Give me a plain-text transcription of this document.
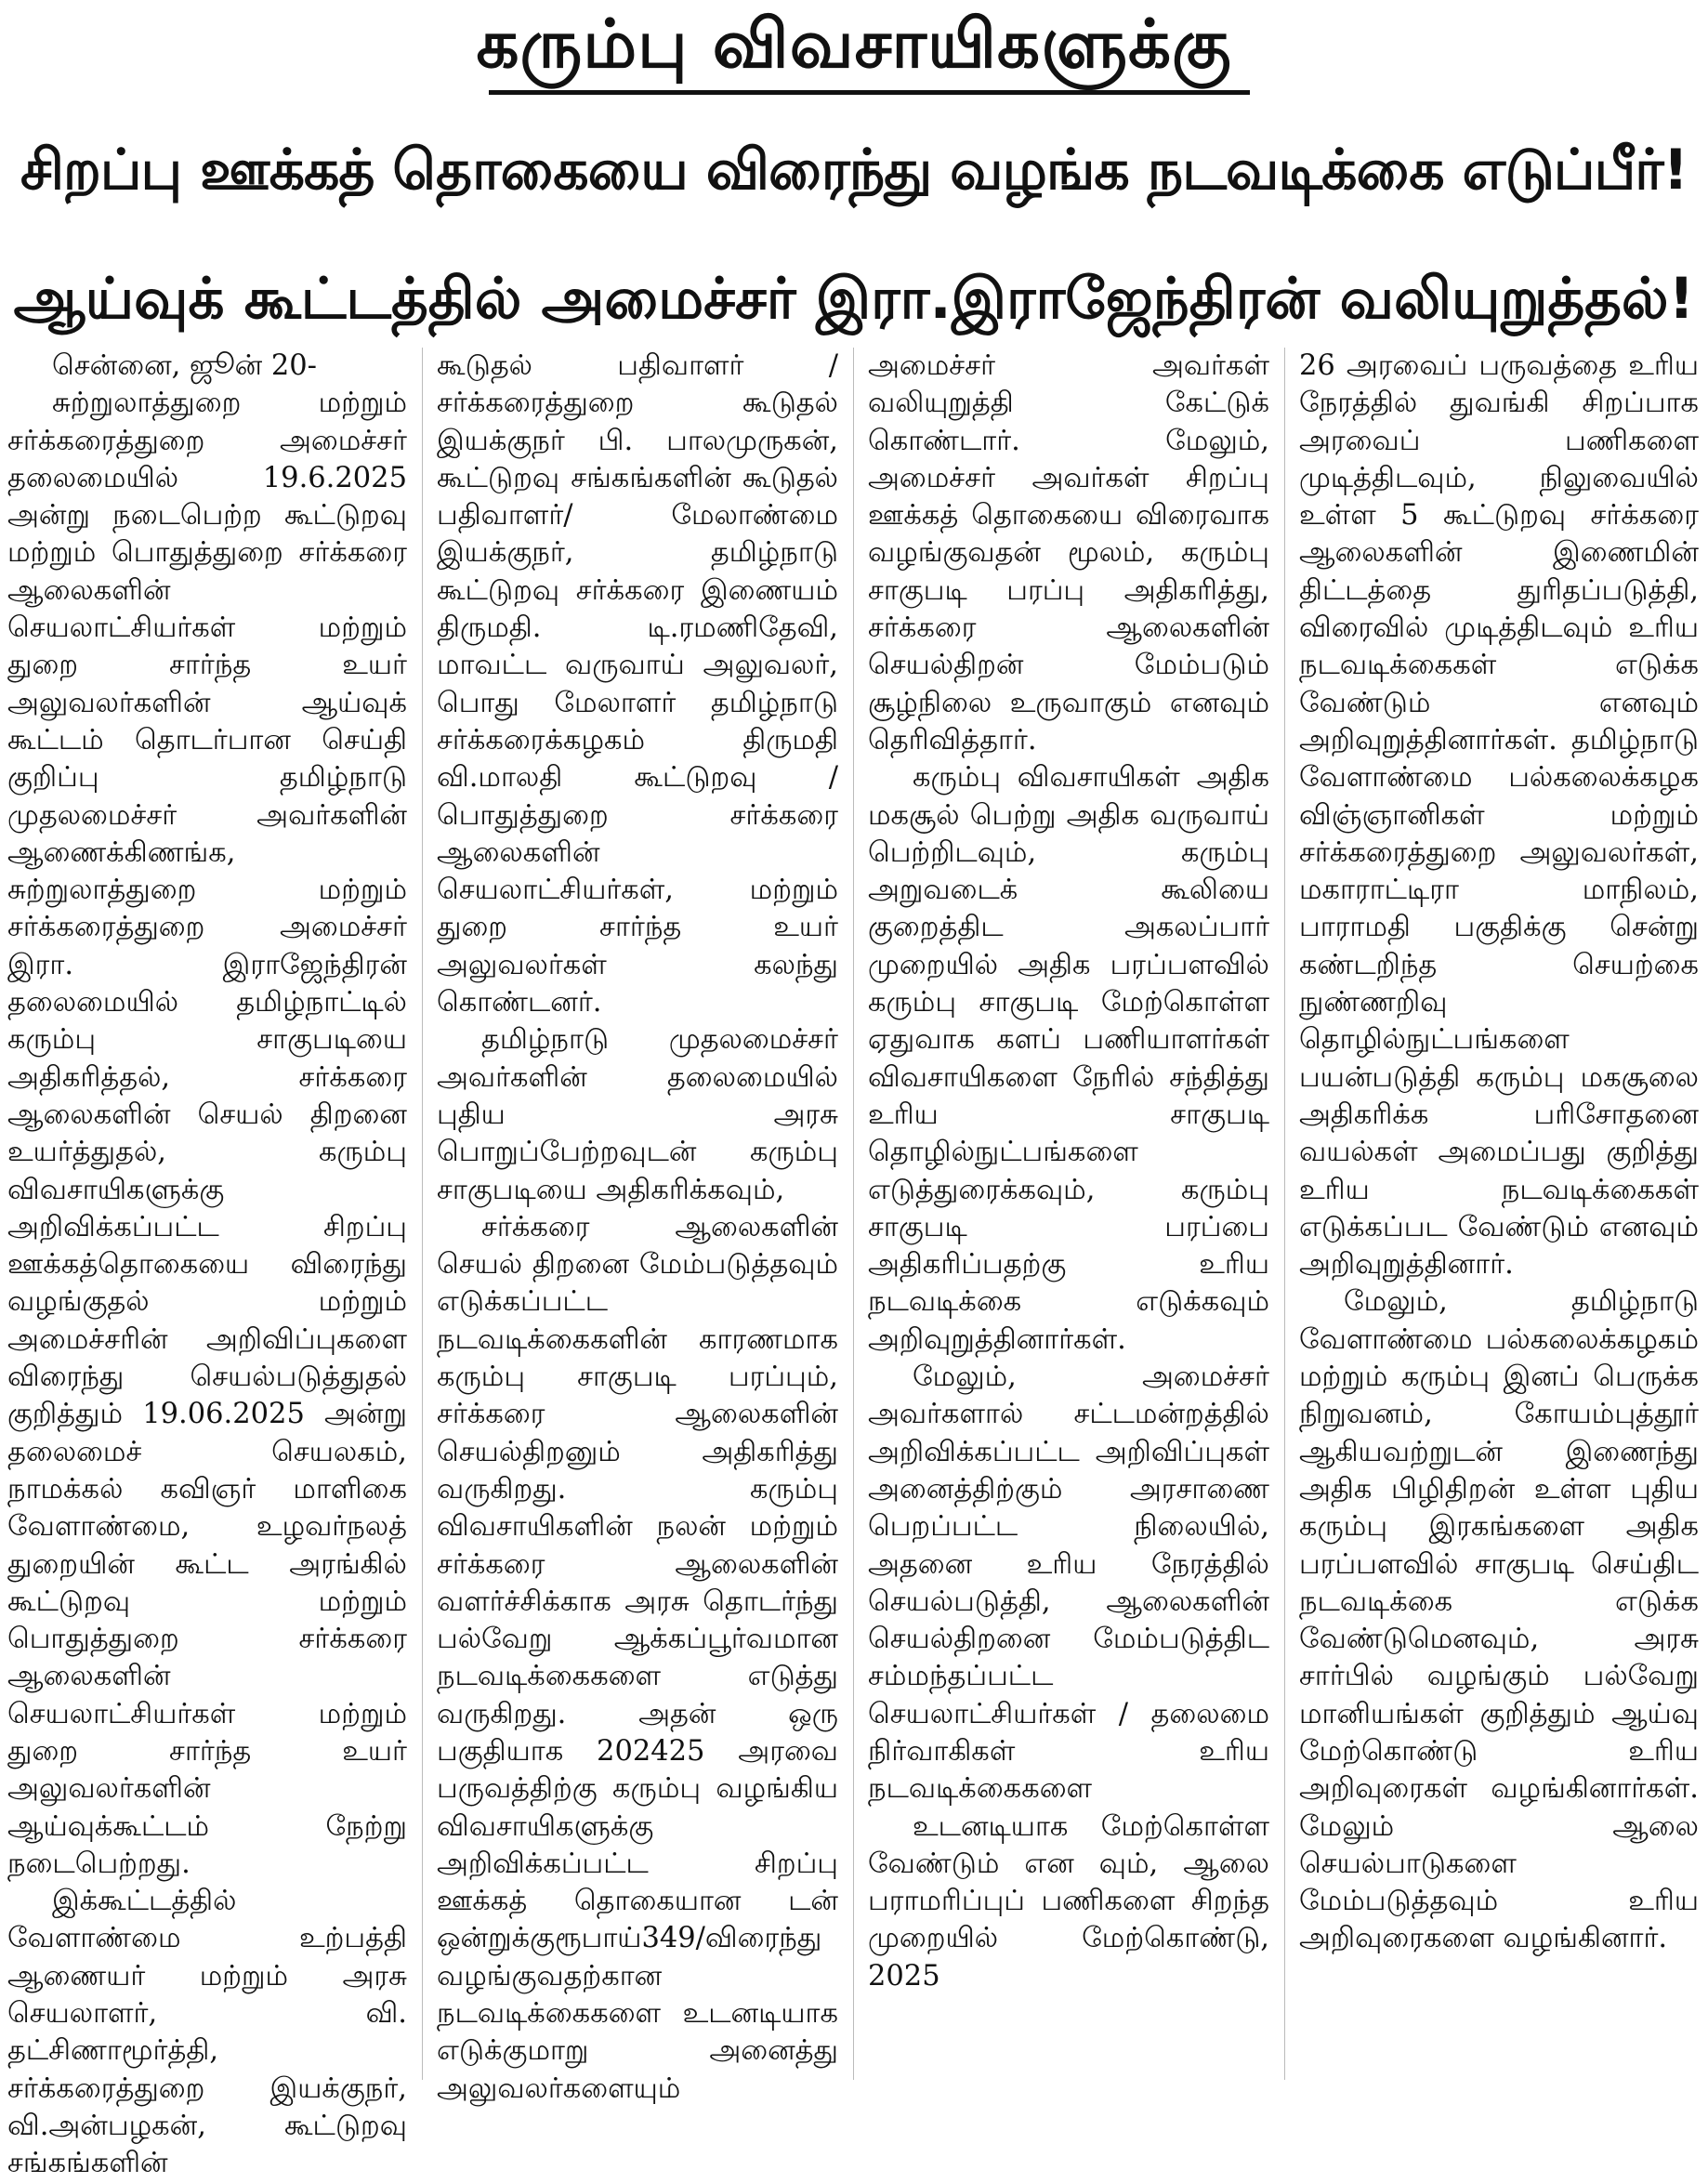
கரும்பு விவசாயிகளுக்கு
சிறப்பு ஊக்கத் தொகையை விரைந்து வழங்க நடவடிக்கை எடுப்பீர்!
ஆய்வுக் கூட்டத்தில் அமைச்சர் இரா.இராஜேந்திரன் வலியுறுத்தல்!

சென்னை, ஜூன் 20-

சுற்றுலாத்துறை மற்றும் சர்க்கரைத்துறை அமைச்சர் தலைமையில் 19.6.2025 அன்று நடைபெற்ற கூட்டுறவு மற்றும் பொதுத்துறை சர்க்கரை ஆலைகளின் செயலாட்சியர்கள் மற்றும் துறை சார்ந்த உயர் அலுவலர்களின் ஆய்வுக் கூட்டம் தொடர்பான செய்தி குறிப்பு தமிழ்நாடு முதலமைச்சர் அவர்களின் ஆணைக்கிணங்க, சுற்றுலாத்துறை மற்றும் சர்க்கரைத்துறை அமைச்சர் இரா. இராஜேந்திரன் தலைமையில் தமிழ்நாட்டில் கரும்பு சாகுபடியை அதிகரித்தல், சர்க்கரை ஆலைகளின் செயல் திறனை உயர்த்துதல், கரும்பு விவசாயிகளுக்கு அறிவிக்கப்பட்ட சிறப்பு ஊக்கத்தொகையை விரைந்து வழங்குதல் மற்றும் அமைச்சரின் அறிவிப்புகளை விரைந்து செயல்படுத்துதல் குறித்தும் 19.06.2025 அன்று தலைமைச் செயலகம், நாமக்கல் கவிஞர் மாளிகை வேளாண்மை, உழவர்நலத் துறையின் கூட்ட அரங்கில் கூட்டுறவு மற்றும் பொதுத்துறை சர்க்கரை ஆலைகளின் செயலாட்சியர்கள் மற்றும் துறை சார்ந்த உயர் அலுவலர்களின் ஆய்வுக்கூட்டம் நேற்று நடைபெற்றது.

இக்கூட்டத்தில் வேளாண்மை உற்பத்தி ஆணையர் மற்றும் அரசு செயலாளர், வி. தட்சிணாமூர்த்தி, சர்க்கரைத்துறை இயக்குநர், வி.அன்பழகன், கூட்டுறவு சங்கங்களின்

கூடுதல் பதிவாளர் / சர்க்கரைத்துறை கூடுதல் இயக்குநர் பி. பாலமுருகன், கூட்டுறவு சங்கங்களின் கூடுதல் பதிவாளர்/ மேலாண்மை இயக்குநர், தமிழ்நாடு கூட்டுறவு சர்க்கரை இணையம் திருமதி. டி.ரமணிதேவி, மாவட்ட வருவாய் அலுவலர், பொது மேலாளர் தமிழ்நாடு சர்க்கரைக்கழகம் திருமதி வி.மாலதி கூட்டுறவு /பொதுத்துறை சர்க்கரை ஆலைகளின் செயலாட்சியர்கள், மற்றும் துறை சார்ந்த உயர் அலுவலர்கள் கலந்து கொண்டனர்.

தமிழ்நாடு முதலமைச்சர் அவர்களின் தலைமையில் புதிய அரசு பொறுப்பேற்றவுடன் கரும்பு சாகுபடியை அதிகரிக்கவும்,

சர்க்கரை ஆலைகளின் செயல் திறனை மேம்படுத்தவும் எடுக்கப்பட்ட நடவடிக்கைகளின் காரணமாக கரும்பு சாகுபடி பரப்பும், சர்க்கரை ஆலைகளின் செயல்திறனும் அதிகரித்து வருகிறது. கரும்பு விவசாயிகளின் நலன் மற்றும் சர்க்கரை ஆலைகளின் வளர்ச்சிக்காக அரசு தொடர்ந்து பல்வேறு ஆக்கப்பூர்வமான நடவடிக்கைகளை எடுத்து வருகிறது. அதன் ஒரு பகுதியாக 202425 அரவை பருவத்திற்கு கரும்பு வழங்கிய விவசாயிகளுக்கு அறிவிக்கப்பட்ட சிறப்பு ஊக்கத் தொகையான டன் ஒன்றுக்குரூபாய்349/விரைந்து வழங்குவதற்கான நடவடிக்கைகளை உடனடியாக எடுக்குமாறு அனைத்து அலுவலர்களையும்

அமைச்சர் அவர்கள் வலியுறுத்தி கேட்டுக் கொண்டார். மேலும், அமைச்சர் அவர்கள் சிறப்பு ஊக்கத் தொகையை விரைவாக வழங்குவதன் மூலம், கரும்பு சாகுபடி பரப்பு அதிகரித்து, சர்க்கரை ஆலைகளின் செயல்திறன் மேம்படும் சூழ்நிலை உருவாகும் எனவும் தெரிவித்தார்.

கரும்பு விவசாயிகள் அதிக மகசூல் பெற்று அதிக வருவாய் பெற்றிடவும், கரும்பு அறுவடைக் கூலியை குறைத்திட அகலப்பார் முறையில் அதிக பரப்பளவில் கரும்பு சாகுபடி மேற்கொள்ள ஏதுவாக களப் பணியாளர்கள் விவசாயிகளை நேரில் சந்தித்து உரிய சாகுபடி தொழில்நுட்பங்களை எடுத்துரைக்கவும், கரும்பு சாகுபடி பரப்பை அதிகரிப்பதற்கு உரிய நடவடிக்கை எடுக்கவும் அறிவுறுத்தினார்கள்.

மேலும், அமைச்சர் அவர்களால் சட்டமன்றத்தில் அறிவிக்கப்பட்ட அறிவிப்புகள் அனைத்திற்கும் அரசாணை பெறப்பட்ட நிலையில், அதனை உரிய நேரத்தில் செயல்படுத்தி, ஆலைகளின் செயல்திறனை மேம்படுத்திட சம்மந்தப்பட்ட செயலாட்சியர்கள் / தலைமை நிர்வாகிகள் உரிய நடவடிக்கைகளை

உடனடியாக மேற்கொள்ள வேண்டும் என வும், ஆலை பராமரிப்புப் பணிகளை சிறந்த முறையில் மேற்கொண்டு, 2025

26 அரவைப் பருவத்தை உரிய நேரத்தில் துவங்கி சிறப்பாக அரவைப் பணிகளை முடித்திடவும், நிலுவையில் உள்ள 5 கூட்டுறவு சர்க்கரை ஆலைகளின் இணைமின் திட்டத்தை துரிதப்படுத்தி, விரைவில் முடித்திடவும் உரிய நடவடிக்கைகள் எடுக்க வேண்டும் எனவும் அறிவுறுத்தினார்கள். தமிழ்நாடு வேளாண்மை பல்கலைக்கழக விஞ்ஞானிகள் மற்றும் சர்க்கரைத்துறை அலுவலர்கள், மகாராட்டிரா மாநிலம், பாராமதி பகுதிக்கு சென்று கண்டறிந்த செயற்கை நுண்ணறிவு தொழில்நுட்பங்களை பயன்படுத்தி கரும்பு மகசூலை அதிகரிக்க பரிசோதனை வயல்கள் அமைப்பது குறித்து உரிய நடவடிக்கைகள் எடுக்கப்பட வேண்டும் எனவும் அறிவுறுத்தினார்.

மேலும், தமிழ்நாடு வேளாண்மை பல்கலைக்கழகம் மற்றும் கரும்பு இனப் பெருக்க நிறுவனம், கோயம்புத்தூர் ஆகியவற்றுடன் இணைந்து அதிக பிழிதிறன் உள்ள புதிய கரும்பு இரகங்களை அதிக பரப்பளவில் சாகுபடி செய்திட நடவடிக்கை எடுக்க வேண்டுமெனவும், அரசு சார்பில் வழங்கும் பல்வேறு மானியங்கள் குறித்தும் ஆய்வு மேற்கொண்டு உரிய அறிவுரைகள் வழங்கினார்கள். மேலும் ஆலை செயல்பாடுகளை மேம்படுத்தவும் உரிய அறிவுரைகளை வழங்கினார்.
